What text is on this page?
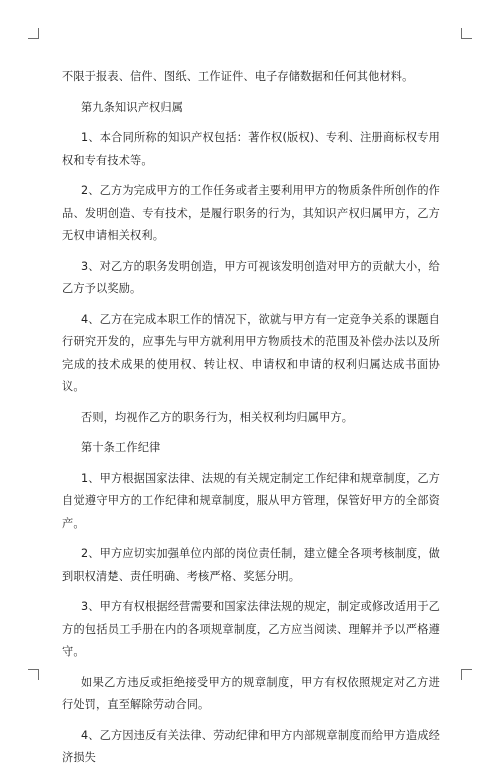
不限于报表、信件、图纸、工作证件、电子存储数据和任何其他材料。

第九条知识产权归属

1、本合同所称的知识产权包括：著作权(版权)、专利、注册商标权专用权和专有技术等。

2、乙方为完成甲方的工作任务或者主要利用甲方的物质条件所创作的作品、发明创造、专有技术，是履行职务的行为，其知识产权归属甲方，乙方无权申请相关权利。

3、对乙方的职务发明创造，甲方可视该发明创造对甲方的贡献大小，给乙方予以奖励。

4、乙方在完成本职工作的情况下，欲就与甲方有一定竞争关系的课题自行研究开发的，应事先与甲方就利用甲方物质技术的范围及补偿办法以及所完成的技术成果的使用权、转让权、申请权和申请的权利归属达成书面协议。

否则，均视作乙方的职务行为，相关权利均归属甲方。

第十条工作纪律

1、甲方根据国家法律、法规的有关规定制定工作纪律和规章制度，乙方自觉遵守甲方的工作纪律和规章制度，服从甲方管理，保管好甲方的全部资产。

2、甲方应切实加强单位内部的岗位责任制，建立健全各项考核制度，做到职权清楚、责任明确、考核严格、奖惩分明。

3、甲方有权根据经营需要和国家法律法规的规定，制定或修改适用于乙方的包括员工手册在内的各项规章制度，乙方应当阅读、理解并予以严格遵守。

如果乙方违反或拒绝接受甲方的规章制度，甲方有权依照规定对乙方进行处罚，直至解除劳动合同。

4、乙方因违反有关法律、劳动纪律和甲方内部规章制度而给甲方造成经济损失
